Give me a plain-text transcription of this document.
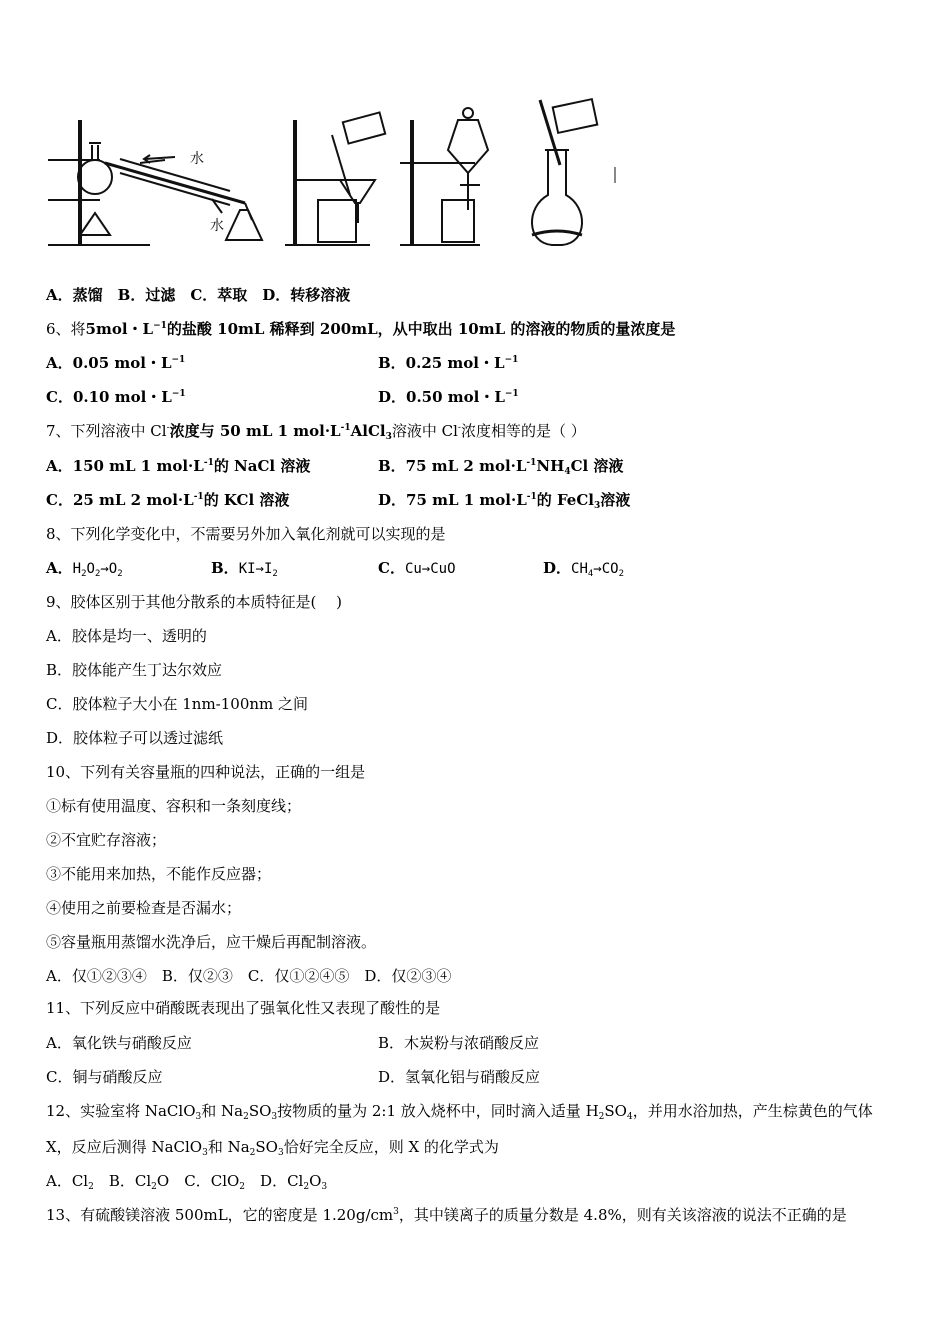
水
水
A．蒸馏　B．过滤　C．萃取　D．转移溶液
6、将5mol・$L^{-1}$的盐酸 10mL 稀释到 200mL，从中取出 10mL 的溶液的物质的量浓度是
A．0.05 mol・$L^{-1}$	B．0.25 mol・$L^{-1}$
C．0.10 mol・$L^{-1}$	D．0.50 mol・$L^{-1}$
7、下列溶液中 Cl-浓度与 50 mL 1 $mol\cdot L^{-1}AlCl_3$溶液中 Cl-浓度相等的是（ ）
A．150 mL 1 $mol\cdot L^{-1}$的 NaCl 溶液	B．75 mL 2 $mol\cdot L^{-1}NH_4Cl$ 溶液
C．25 mL 2 $mol\cdot L^{-1}$的 KCl 溶液	D．75 mL 1 $mol\cdot L^{-1}$的 FeCl$_3$溶液
8、下列化学变化中，不需要另外加入氧化剂就可以实现的是
A．$H_2O_2\to O_2$	B．$KI\to I_2$	C．Cu→CuO	D．$CH_4\to CO_2$
9、胶体区别于其他分散系的本质特征是(　 )
A．胶体是均一、透明的
B．胶体能产生丁达尔效应
C．胶体粒子大小在 1nm-100nm 之间
D．胶体粒子可以透过滤纸
10、下列有关容量瓶的四种说法，正确的一组是
①标有使用温度、容积和一条刻度线；
②不宜贮存溶液；
③不能用来加热，不能作反应器；
④使用之前要检查是否漏水；
⑤容量瓶用蒸馏水洗净后，应干燥后再配制溶液。
A．仅①②③④　B．仅②③　C．仅①②④⑤　D．仅②③④
11、下列反应中硝酸既表现出了强氧化性又表现了酸性的是
A．氧化铁与硝酸反应	B．木炭粉与浓硝酸反应
C．铜与硝酸反应	D．氢氧化铝与硝酸反应
12、实验室将 NaClO$_3$和 $Na_2SO_3$按物质的量为 2:1 放入烧杯中，同时滴入适量 $H_2SO_4$，并用水浴加热，产生棕黄色的气体
X，反应后测得 NaClO$_3$和 $Na_2SO_3$恰好完全反应，则 X 的化学式为
A．$Cl_2$　 B．$Cl_2O$　 C．ClO$_2$　 D．$Cl_2O_3$
13、有硫酸镁溶液 500mL，它的密度是 $1.20g/cm^3$，其中镁离子的质量分数是 4.8%，则有关该溶液的说法不正确的是
